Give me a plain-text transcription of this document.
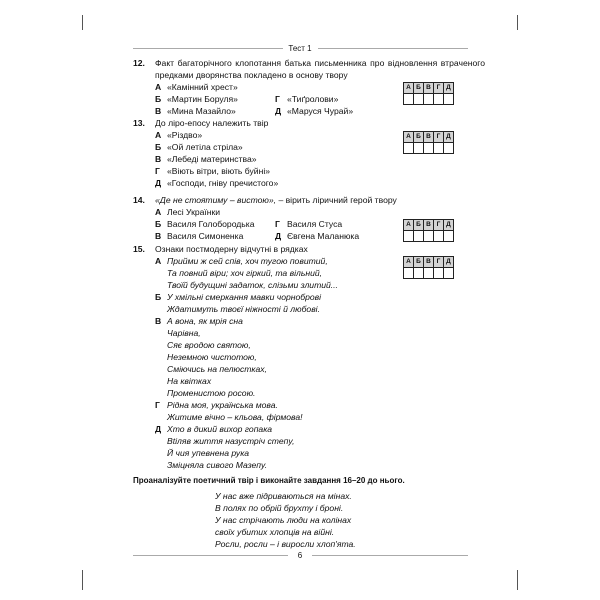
Тест 1
12. Факт багаторічного клопотання батька письменника про відновлення втраченого предками дворянства покладено в основу твору
А «Камінний хрест»
Б «Мартин Боруля»	Г «Тиґролови»
В «Мина Мазайло»	Д «Маруся Чурай»
А	Б	В	Г	Д

13. До ліро-епосу належить твір
А «Різдво»
Б «Ой летіла стріла»
В «Лебеді материнства»
Г «Віють вітри, віють буйні»
Д «Господи, гніву пречистого»
А	Б	В	Г	Д

14. «Де не стоятиму – вистою», – вірить ліричний герой твору
А Лесі Українки
Б Василя Голобородька Г Василя Стуса
В Василя Симоненка	Д Євгена Маланюка
А	Б	В	Г	Д

15. Ознаки постмодерну відчутні в рядках
А Прийми ж сей спів, хоч тугою повитий,
Та повний віри; хоч гіркий, та вільний,
Твоїй будущині задаток, слізьми злитий...
Б У хмільні смеркання мавки чорноброві
Ждатимуть твоєї ніжності й любові.
В А вона, як мрія сна
Чарівна,
Сяє вродою святою,
Неземною чистотою,
Сміючись на пелюстках,
На квітках
Променистою росою.
Г Рідна моя, українська мова.
Житиме вічно – кльова, фірмова!
Д Хто в дикий вихор гопака
Вtіляв життя назустріч степу,
Й чия упевнена рука
Зміцняла сивого Мазепу.
А	Б	В	Г	Д

Проаналізуйте поетичний твір і виконайте завдання 16–20 до нього.
У нас вже підриваються на мінах.
В полях по обрій бруxту і броні.
У нас стрічають люди на колінах
своїх убитих хлопців на війні.
Росли, росли – і виросли хлоп'ята.
6
